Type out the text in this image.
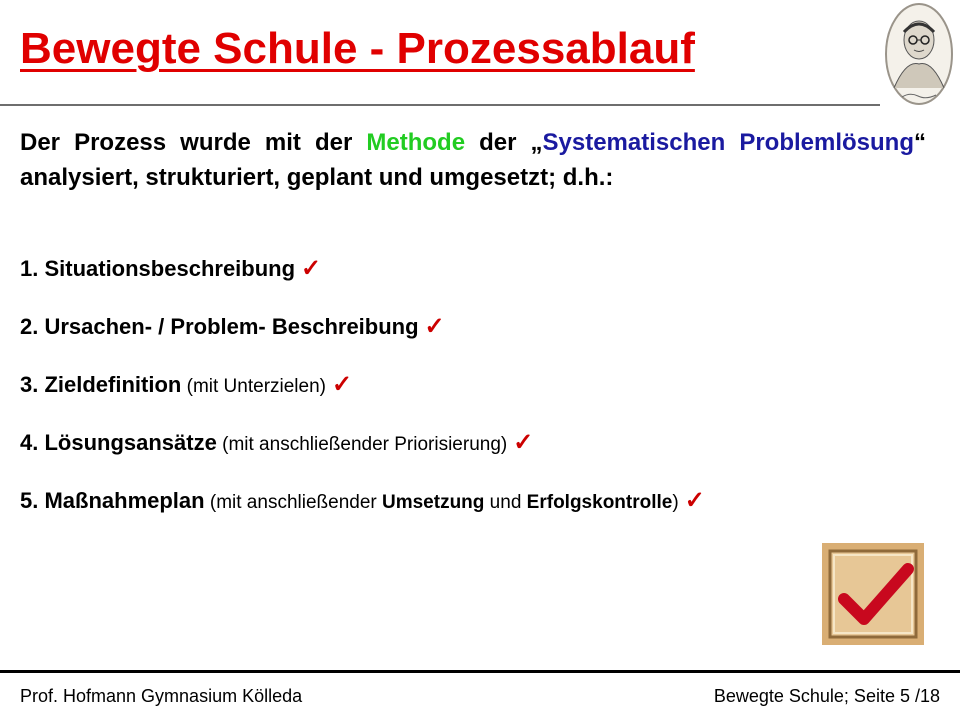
Bewegte Schule - Prozessablauf

Der Prozess wurde mit der Methode der „Systematischen Problemlösung“ analysiert, strukturiert, geplant und umgesetzt; d.h.:

1. Situationsbeschreibung ✓
2. Ursachen- / Problem- Beschreibung ✓
3. Zieldefinition (mit Unterzielen) ✓
4. Lösungsansätze (mit anschließender Priorisierung) ✓
5. Maßnahmeplan (mit anschließender Umsetzung und Erfolgskontrolle) ✓
Prof. Hofmann Gymnasium Kölleda	Bewegte Schule; Seite 5 /18
